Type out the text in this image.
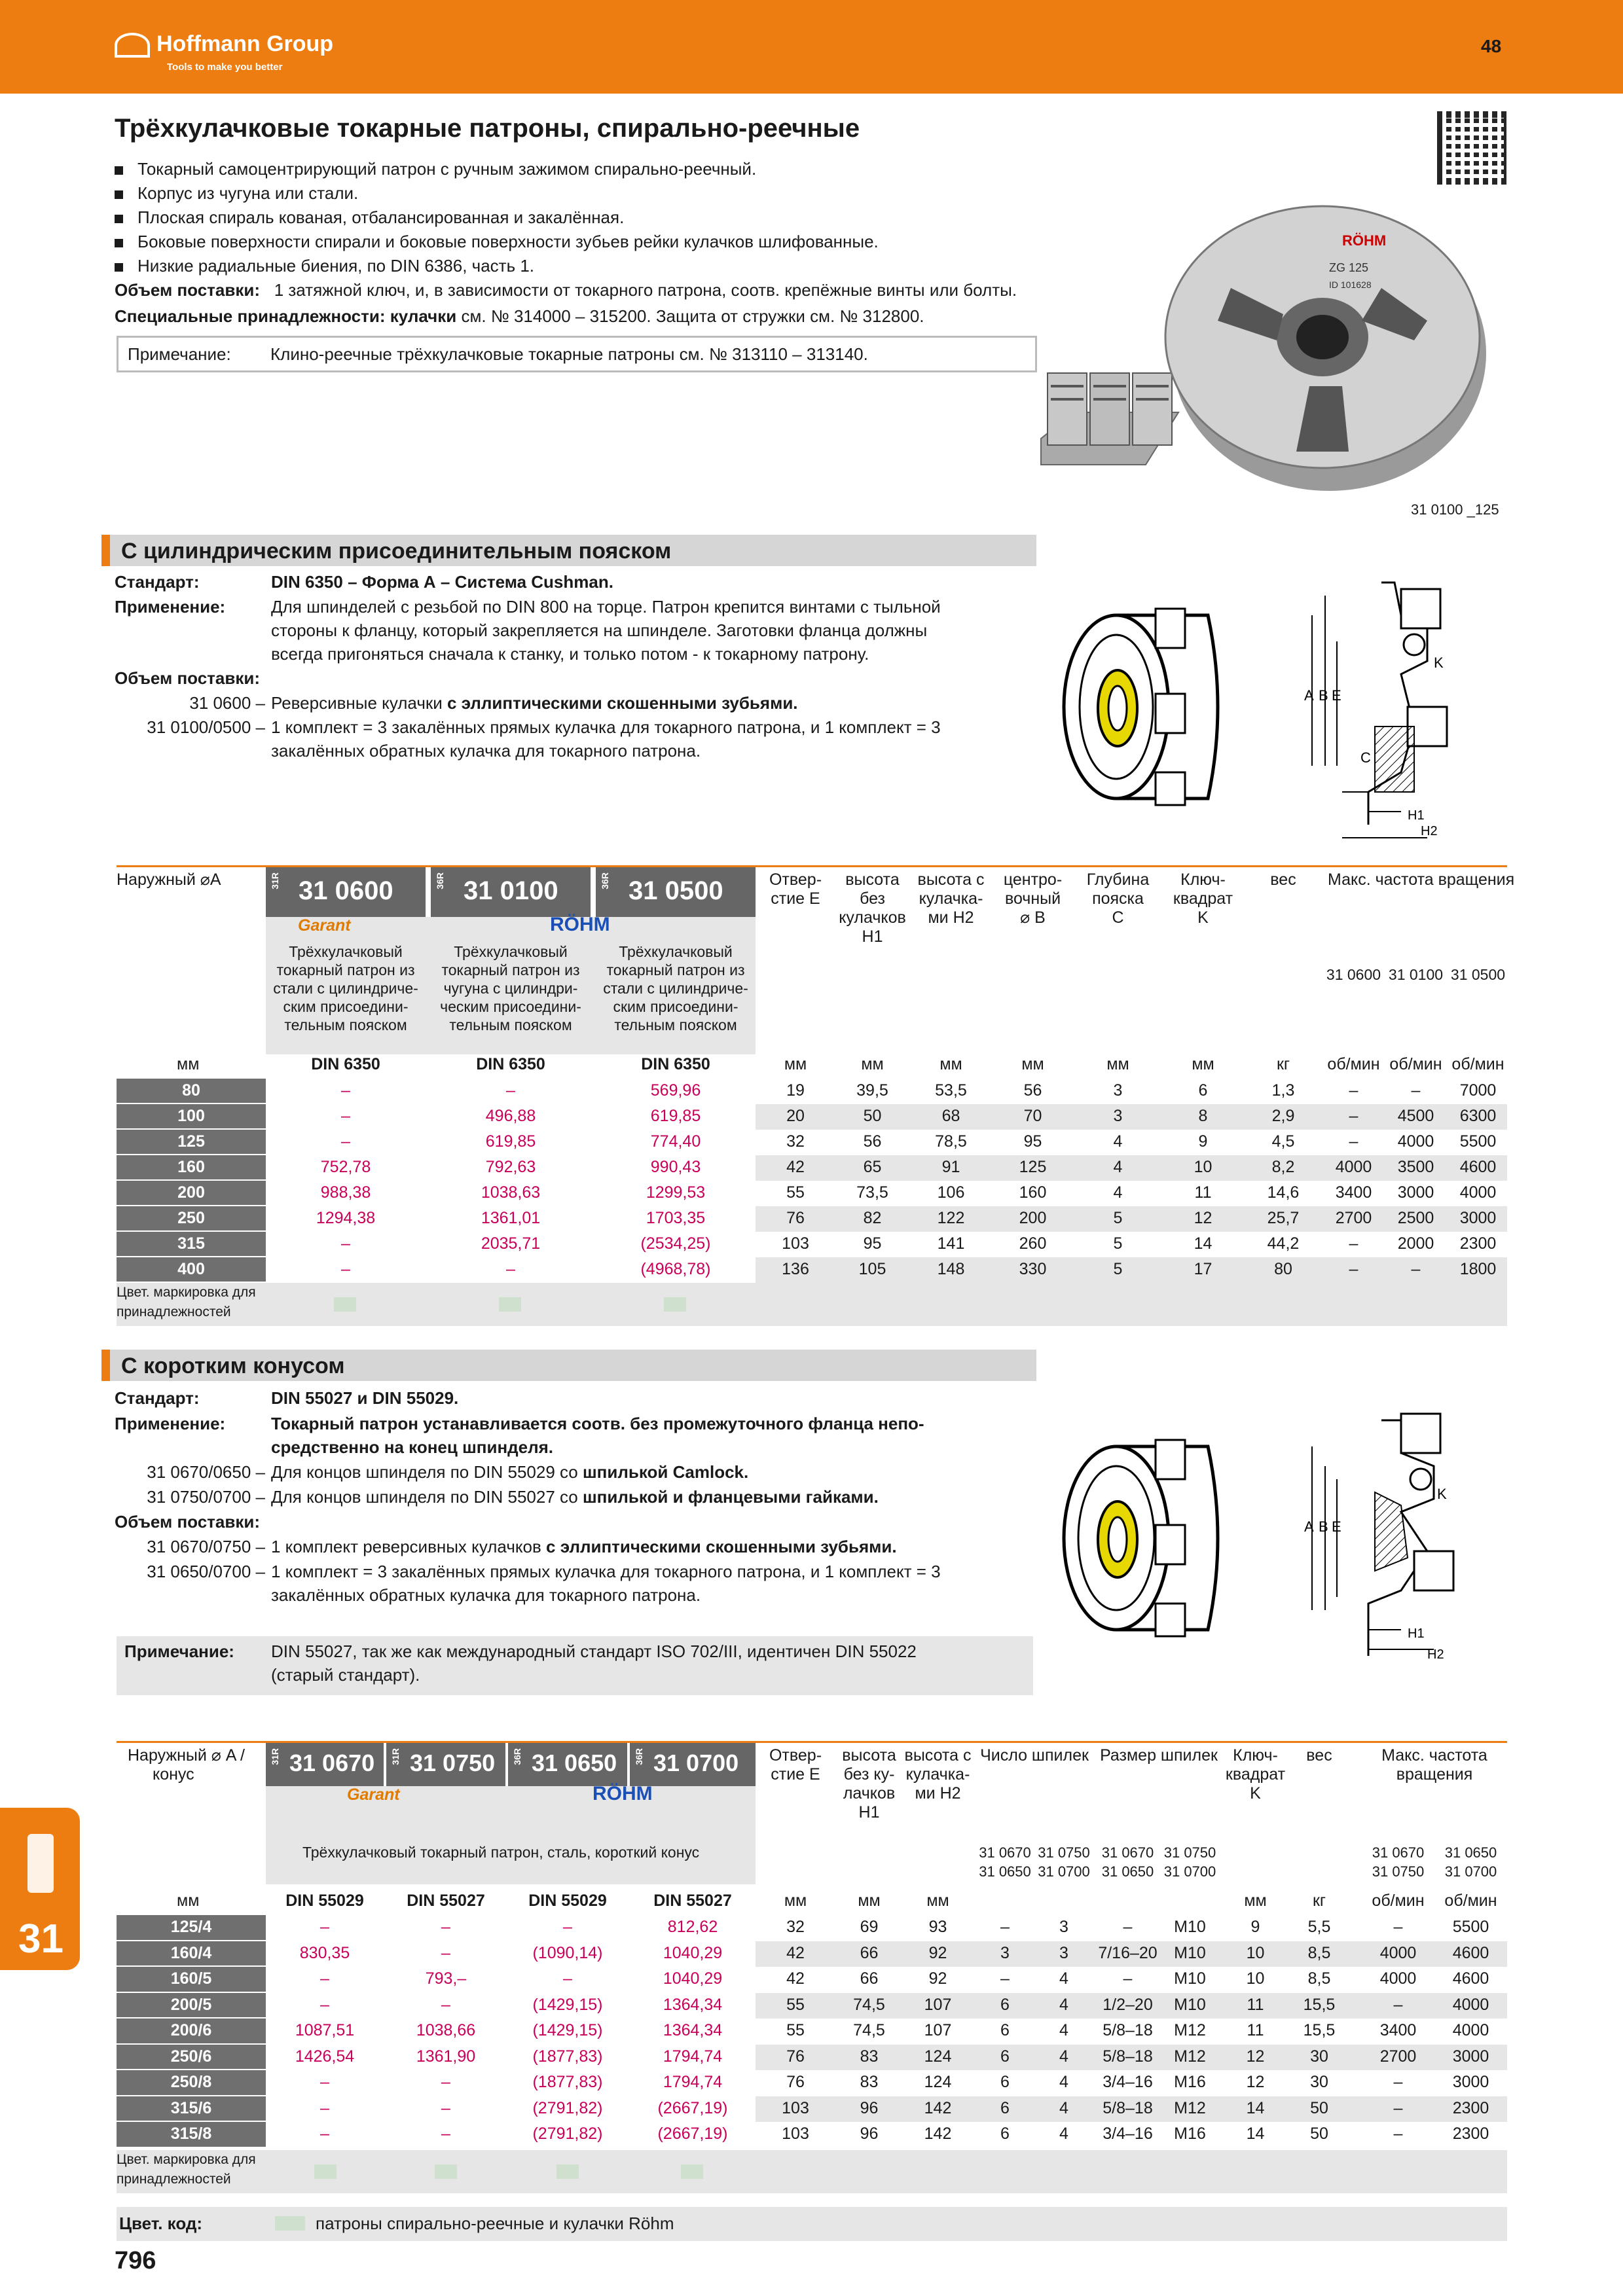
Hoffmann Group
Tools to make you better
48	RUE
Трёхкулачковые токарные патроны, спирально-реечные
Токарный самоцентрирующий патрон с ручным зажимом спирально-реечный.
Корпус из чугуна или стали.
Плоская спираль кованая, отбалансированная и закалённая.
Боковые поверхности спирали и боковые поверхности зубьев рейки кулачков шлифованные.
Низкие радиальные биения, по DIN 6386, часть 1.
Объем поставки: 1 затяжной ключ, и, в зависимости от токарного патрона, соотв. крепёжные винты или болты.
Специальные принадлежности: кулачки см. № 314000 – 315200. Защита от стружки см. № 312800.
Примечание: Клино-реечные трёхкулачковые токарные патроны см. № 313110 – 313140.
RÖHM
ZG 125
ID 101628
31 0100 _125
С цилиндрическим присоединительным пояском
Стандарт:	DIN 6350 – Форма А – Система Cushman.
Применение:	Для шпинделей с резьбой по DIN 800 на торце. Патрон крепится винтами с тыльной
стороны к фланцу, который закрепляется на шпинделе. Заготовки фланца должны
всегда пригоняться сначала к станку, и только потом - к токарному патрону.
Объем поставки:
31 0600 – Реверсивные кулачки с эллиптическими скошенными зубьями.
31 0100/0500 – 1 комплект = 3 закалённых прямых кулачка для токарного патрона, и 1 комплект = 3
закалённых обратных кулачка для токарного патрона.
A B E
K
C
H1
H2
Наружный ⌀A	31R 31 0600	36R 31 0100	36R 31 0500
Garant	RÖHM
Трёхкулачковый
токарный патрон из
стали с цилиндриче-
ским присоедини-
тельным пояском
Трёхкулачковый
токарный патрон из
чугуна с цилиндри-
ческим присоедини-
тельным пояском
Трёхкулачковый
токарный патрон из
стали с цилиндриче-
ским присоедини-
тельным пояском
DIN 6350	DIN 6350	DIN 6350
Отвер-
стие E
высота
без
кулачков
H1
высота с
кулачка-
ми H2
центро-
вочный
⌀ B
Глубина
пояска
C
Ключ-
квадрат
K
вес	Макс. частота вращения
31 0600 31 0100 31 0500
мм	мм	мм	мм	мм	мм	мм	кг	об/мин об/мин об/мин
80	–	–	569,96	19	39,5	53,5	56	3	6	1,3	–	–	7000
100	–	496,88	619,85	20	50	68	70	3	8	2,9	–	4500	6300
125	–	619,85	774,40	32	56	78,5	95	4	9	4,5	–	4000	5500
160	752,78	792,63	990,43	42	65	91	125	4	10	8,2	4000	3500	4600
200	988,38	1038,63	1299,53	55	73,5	106	160	4	11	14,6	3400	3000	4000
250	1294,38	1361,01	1703,35	76	82	122	200	5	12	25,7	2700	2500	3000
315	–	2035,71	(2534,25)	103	95	141	260	5	14	44,2	–	2000	2300
400	–	–	(4968,78)	136	105	148	330	5	17	80	–	–	1800
Цвет. маркировка для
принадлежностей
С коротким конусом
Стандарт:	DIN 55027 и DIN 55029.
Применение:	Токарный патрон устанавливается соотв. без промежуточного фланца непо-
средственно на конец шпинделя.
31 0670/0650 – Для концов шпинделя по DIN 55029 со шпилькой Camlock.
31 0750/0700 – Для концов шпинделя по DIN 55027 со шпилькой и фланцевыми гайками.
Объем поставки:
31 0670/0750 – 1 комплект реверсивных кулачков с эллиптическими скошенными зубьями.
31 0650/0700 – 1 комплект = 3 закалённых прямых кулачка для токарного патрона, и 1 комплект = 3
закалённых обратных кулачка для токарного патрона.
Примечание: DIN 55027, так же как международный стандарт ISO 702/III, идентичен DIN 55022
(старый стандарт).
A B E
K
H1
H2
Наружный ⌀ A /
конус
31R 31 0670 31R 31 0750 36R 31 0650 36R 31 0700
Garant	RÖHM
Трёхкулачковый токарный патрон, сталь, короткий конус
DIN 55029	DIN 55027	DIN 55029	DIN 55027
Отвер-
стие E
высота
без ку-
лачков
H1
высота с
кулачка-
ми H2
Число шпилек Размер шпилек Ключ-
квадрат
K
вес	Макс. частота
вращения
31 0670
31 0650
31 0750
31 0700
31 0670
31 0650
31 0750
31 0700
31 0670
31 0750
31 0650
31 0700
мм	мм	мм	мм	мм	кг	об/мин	об/мин
125/4	–	–	–	812,62	32	69	93	–	3	–	M10	9	5,5	–	5500
160/4	830,35	–	(1090,14)	1040,29	42	66	92	3	3	7/16–20	M10	10	8,5	4000	4600
160/5	–	793,–	–	1040,29	42	66	92	–	4	–	M10	10	8,5	4000	4600
200/5	–	–	(1429,15)	1364,34	55	74,5	107	6	4	1/2–20	M10	11	15,5	–	4000
200/6	1087,51	1038,66	(1429,15)	1364,34	55	74,5	107	6	4	5/8–18	M12	11	15,5	3400	4000
250/6	1426,54	1361,90	(1877,83)	1794,74	76	83	124	6	4	5/8–18	M12	12	30	2700	3000
250/8	–	–	(1877,83)	1794,74	76	83	124	6	4	3/4–16	M16	12	30	–	3000
315/6	–	–	(2791,82)	(2667,19)	103	96	142	6	4	5/8–18	M12	14	50	–	2300
315/8	–	–	(2791,82)	(2667,19)	103	96	142	6	4	3/4–16	M16	14	50	–	2300
Цвет. маркировка для
принадлежностей
Цвет. код:	патроны спирально-реечные и кулачки Röhm
796
31
